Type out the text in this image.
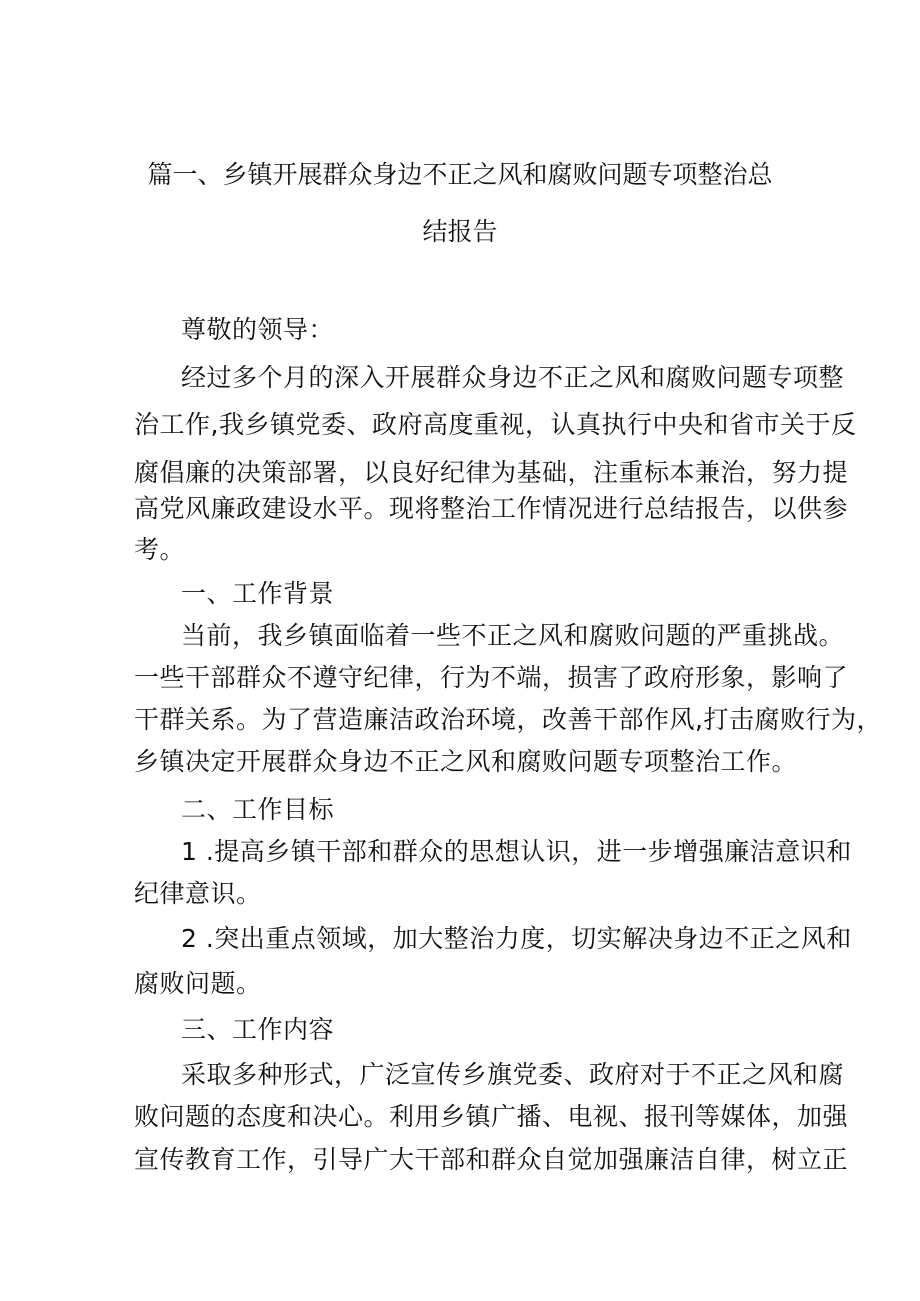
篇一、乡镇开展群众身边不正之风和腐败问题专项整治总
结报告
尊敬的领导：
经过多个月的深入开展群众身边不正之风和腐败问题专项整
治工作,我乡镇党委、政府高度重视，认真执行中央和省市关于反
腐倡廉的决策部署，以良好纪律为基础，注重标本兼治，努力提
高党风廉政建设水平。现将整治工作情况进行总结报告，以供参
考。
一、工作背景
当前，我乡镇面临着一些不正之风和腐败问题的严重挑战。
一些干部群众不遵守纪律，行为不端，损害了政府形象，影响了
干群关系。为了营造廉洁政治环境，改善干部作风,打击腐败行为，
乡镇决定开展群众身边不正之风和腐败问题专项整治工作。
二、工作目标
1 .提高乡镇干部和群众的思想认识，进一步增强廉洁意识和
纪律意识。
2 .突出重点领域，加大整治力度，切实解决身边不正之风和
腐败问题。
三、工作内容
采取多种形式，广泛宣传乡旗党委、政府对于不正之风和腐
败问题的态度和决心。利用乡镇广播、电视、报刊等媒体，加强
宣传教育工作，引导广大干部和群众自觉加强廉洁自律，树立正
